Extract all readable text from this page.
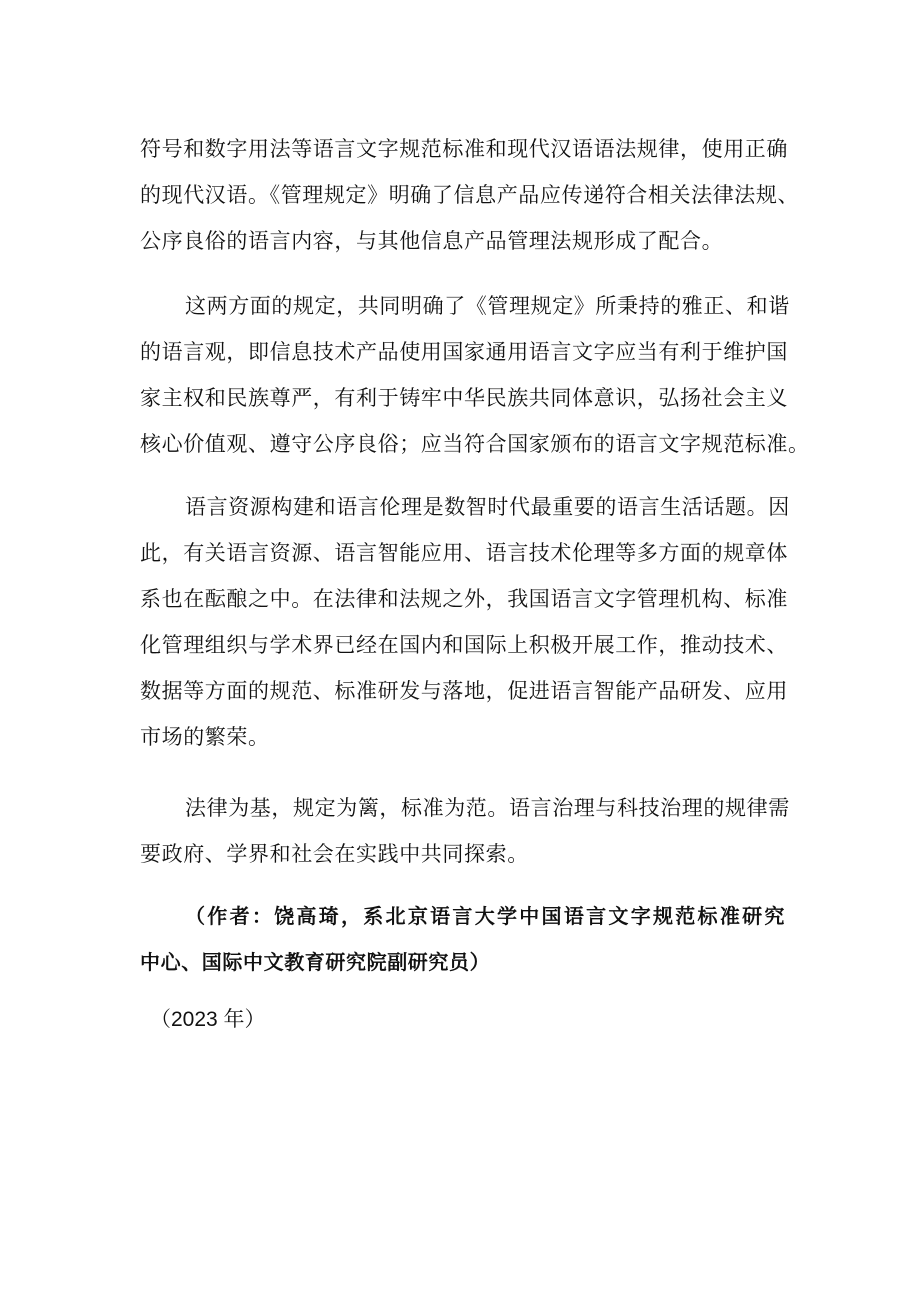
符号和数字用法等语言文字规范标准和现代汉语语法规律，使用正确
的现代汉语。《管理规定》明确了信息产品应传递符合相关法律法规、
公序良俗的语言内容，与其他信息产品管理法规形成了配合。
这两方面的规定，共同明确了《管理规定》所秉持的雅正、和谐
的语言观，即信息技术产品使用国家通用语言文字应当有利于维护国
家主权和民族尊严，有利于铸牢中华民族共同体意识，弘扬社会主义
核心价值观、遵守公序良俗；应当符合国家颁布的语言文字规范标准。
语言资源构建和语言伦理是数智时代最重要的语言生活话题。因
此，有关语言资源、语言智能应用、语言技术伦理等多方面的规章体
系也在酝酿之中。在法律和法规之外，我国语言文字管理机构、标准
化管理组织与学术界已经在国内和国际上积极开展工作，推动技术、
数据等方面的规范、标准研发与落地，促进语言智能产品研发、应用
市场的繁荣。
法律为基，规定为篱，标准为范。语言治理与科技治理的规律需
要政府、学界和社会在实践中共同探索。
（作者：饶高琦，系北京语言大学中国语言文字规范标准研究
中心、国际中文教育研究院副研究员）

（2023 年）
